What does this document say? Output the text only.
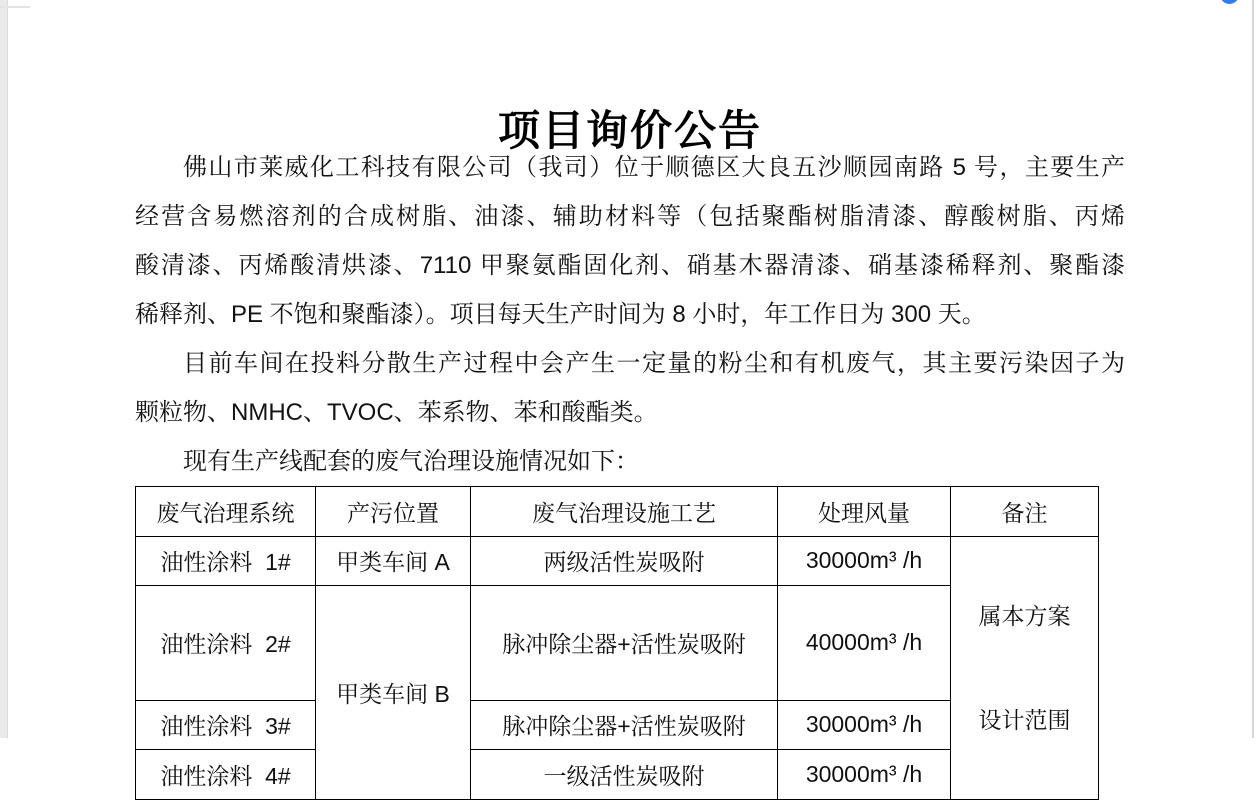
项目询价公告
佛山市莱威化工科技有限公司（我司）位于顺德区大良五沙顺园南路 5 号，主要生产
经营含易燃溶剂的合成树脂、油漆、辅助材料等（包括聚酯树脂清漆、醇酸树脂、丙烯
酸清漆、丙烯酸清烘漆、7110 甲聚氨酯固化剂、硝基木器清漆、硝基漆稀释剂、聚酯漆
稀释剂、PE 不饱和聚酯漆）。项目每天生产时间为 8 小时，年工作日为 300 天。
目前车间在投料分散生产过程中会产生一定量的粉尘和有机废气，其主要污染因子为
颗粒物、NMHC、TVOC、苯系物、苯和酸酯类。
现有生产线配套的废气治理设施情况如下：
废气治理系统	产污位置	废气治理设施工艺	处理风量	备注
油性涂料  1#	甲类车间 A	两级活性炭吸附	30000m³ /h	属本方案

设计范围

油性涂料  2#	甲类车间 B	脉冲除尘器+活性炭吸附	40000m³ /h	
油性涂料  3#		脉冲除尘器+活性炭吸附	30000m³ /h	
油性涂料  4#		一级活性炭吸附	30000m³ /h	
